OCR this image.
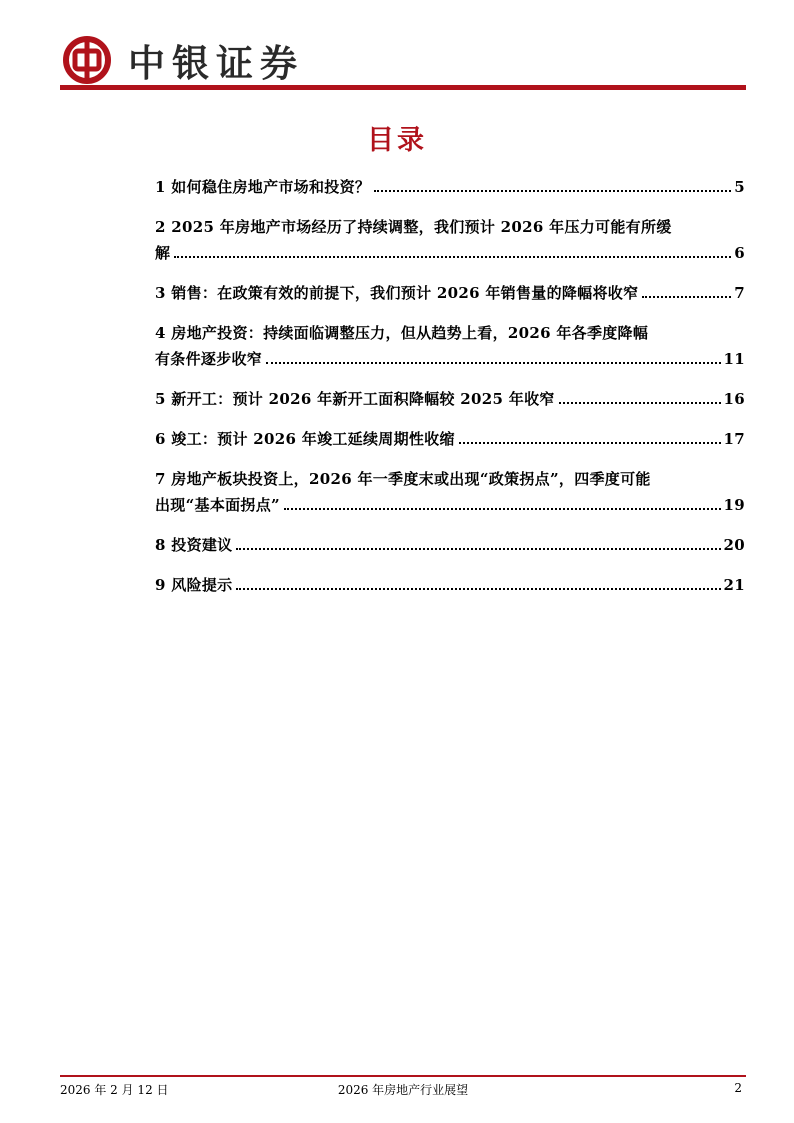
中银证券
目录
1 如何稳住房地产市场和投资？	5
2 2025 年房地产市场经历了持续调整，我们预计 2026 年压力可能有所缓
解	6
3 销售：在政策有效的前提下，我们预计 2026 年销售量的降幅将收窄	7
4 房地产投资：持续面临调整压力，但从趋势上看，2026 年各季度降幅
有条件逐步收窄	11
5 新开工：预计 2026 年新开工面积降幅较 2025 年收窄	16
6 竣工：预计 2026 年竣工延续周期性收缩	17
7 房地产板块投资上，2026 年一季度末或出现“政策拐点”，四季度可能
出现“基本面拐点”	19
8 投资建议	20
9 风险提示	21
2026 年 2 月 12 日	2026 年房地产行业展望	2
